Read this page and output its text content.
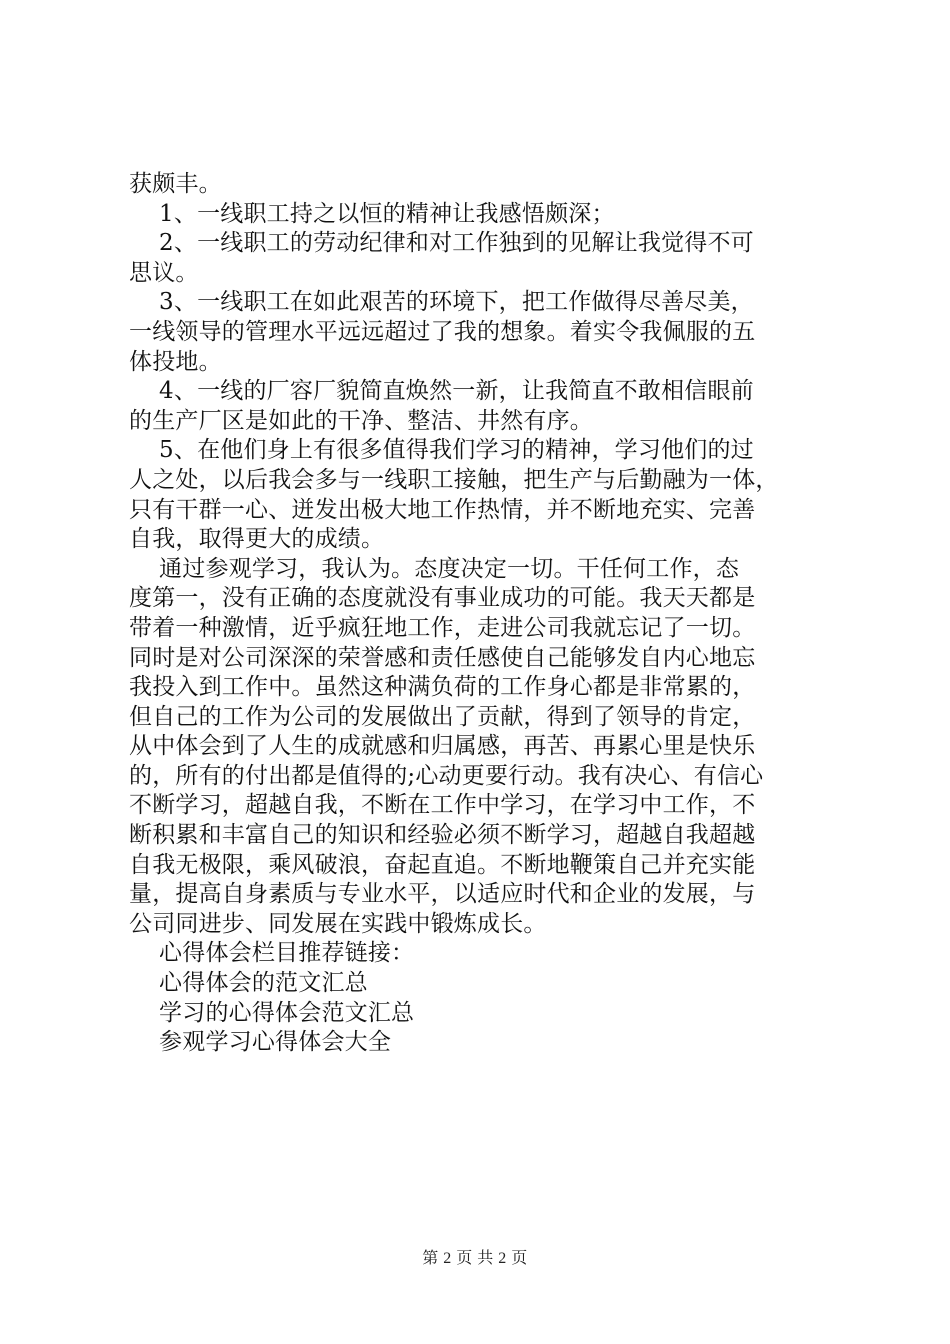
获颇丰。
1、一线职工持之以恒的精神让我感悟颇深；
2、一线职工的劳动纪律和对工作独到的见解让我觉得不可
思议。
3、一线职工在如此艰苦的环境下，把工作做得尽善尽美，
一线领导的管理水平远远超过了我的想象。着实令我佩服的五
体投地。
4、一线的厂容厂貌简直焕然一新，让我简直不敢相信眼前
的生产厂区是如此的干净、整洁、井然有序。
5、在他们身上有很多值得我们学习的精神，学习他们的过
人之处，以后我会多与一线职工接触，把生产与后勤融为一体，
只有干群一心、迸发出极大地工作热情，并不断地充实、完善
自我，取得更大的成绩。
通过参观学习，我认为。态度决定一切。干任何工作，态
度第一，没有正确的态度就没有事业成功的可能。我天天都是
带着一种激情，近乎疯狂地工作，走进公司我就忘记了一切。
同时是对公司深深的荣誉感和责任感使自己能够发自内心地忘
我投入到工作中。虽然这种满负荷的工作身心都是非常累的，
但自己的工作为公司的发展做出了贡献，得到了领导的肯定，
从中体会到了人生的成就感和归属感，再苦、再累心里是快乐
的，所有的付出都是值得的;心动更要行动。我有决心、有信心
不断学习，超越自我，不断在工作中学习，在学习中工作，不
断积累和丰富自己的知识和经验必须不断学习，超越自我超越
自我无极限，乘风破浪，奋起直追。不断地鞭策自己并充实能
量，提高自身素质与专业水平，以适应时代和企业的发展，与
公司同进步、同发展在实践中锻炼成长。
心得体会栏目推荐链接：
心得体会的范文汇总
学习的心得体会范文汇总
参观学习心得体会大全
第 2 页 共 2 页
